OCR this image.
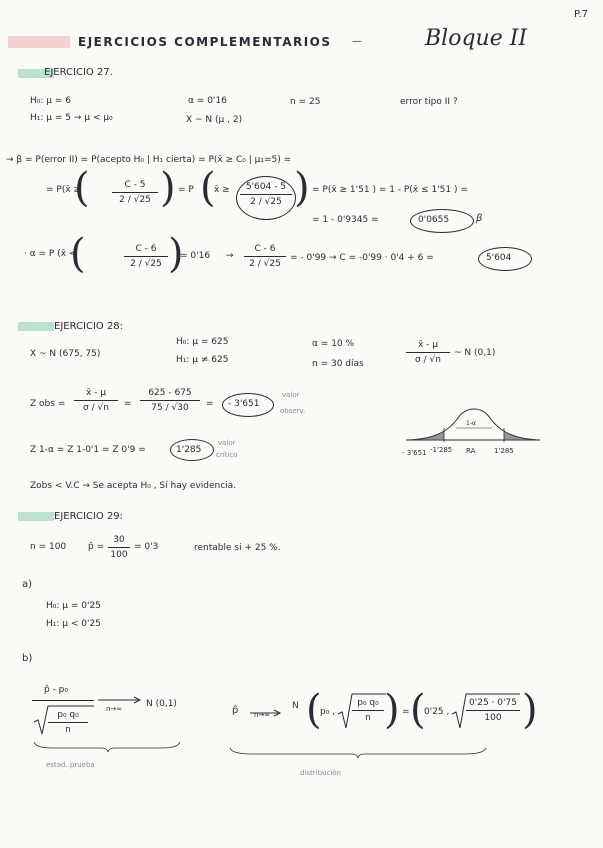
P.7
EJERCICIOS COMPLEMENTARIOS —	Bloque II
EJERCICIO 27.
H₀: μ = 6
H₁: μ = 5 → μ < μ₀
α = 0'16
X ~ N (μ , 2)
n = 25	error tipo II ?
→ β = P(error II) = P(acepto H₀ | H₁ cierta) = P(x̄ ≥ C₀ | μ₁=5) =
= P(x̄ ≥
( $\frac{C - 5}{2 / √25}$ ) = P (
x̄ ≥ $\frac{5'604 - 5}{2 / √25}$ ) = P(x̄ ≥ 1'51 ) = 1 - P(x̄ ≤ 1'51 ) =
= 1 - 0'9345 =	0'0655	β
· α = P (x̄ <
(	$\frac{C - 6}{2 / √25}$ )
= $0'16 \to \frac{C - 6}{2 / √25}$ = - 0'99 → C = -0'99 · 0'4 + 6 =	5'604
EJERCICIO 28:
X ~ N (675, 75)
H₀: μ = 625
H₁: μ ≠ 625
α = 10 %
n = 30 días	$\frac{x̄ - \mu}{\sigma / √n}$ ~ N (0,1)
Z obs = $\frac{x̄ - \mu}{\sigma / √n} = \frac{625 - 675}{75 / √30}$ = - 3'651
valor
observ.
Z 1-α = Z 1-0'1 = Z 0'9 =	1'285
valor
crítico
Zobs < V.C → Se acepta H₀ , Sí hay evidencia.
1-α
- 3'651 -1'285 RA	1'285
EJERCICIO 29:
n = 100 p̂ = $\frac{30}{100} = 0'3$	rentable si + 25 %.
a)
H₀: μ = 0'25
H₁: μ < 0'25
b)
p̂ - p₀
$\frac{\text{p₀ q₀}}{n}$
n→∞	N (0,1)
estad. prueba
p̂ n→∞
N (
p₀ , $\frac{\text{p₀ q₀}}{n}$ ) = (
0'25 , $\frac{0'25 \cdot 0'75}{100}$ )
distribución
